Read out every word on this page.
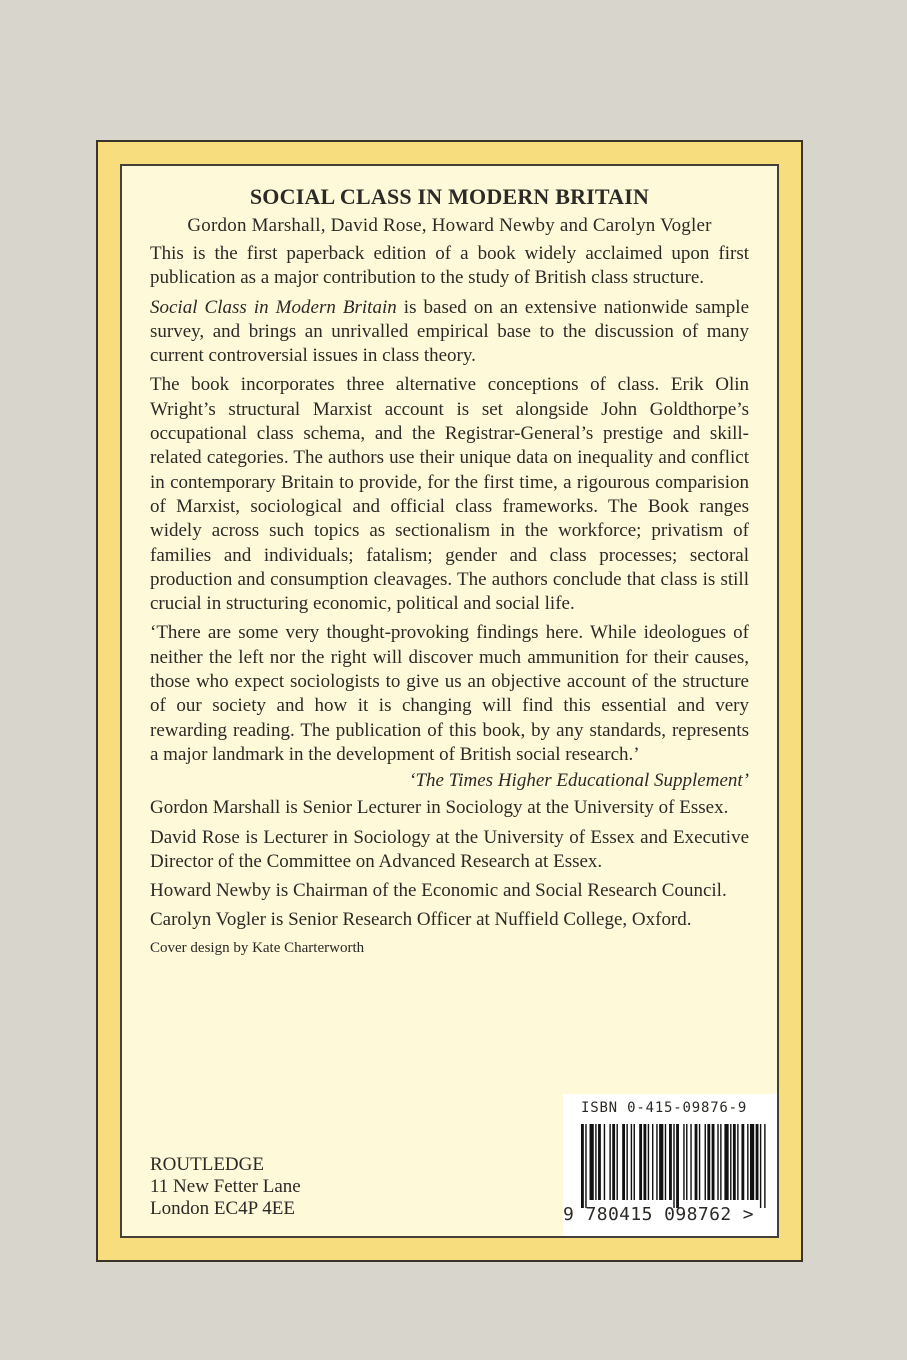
SOCIAL CLASS IN MODERN BRITAIN
Gordon Marshall, David Rose, Howard Newby and Carolyn Vogler

This is the first paperback edition of a book widely acclaimed upon first publication as a major contribution to the study of British class structure.

Social Class in Modern Britain is based on an extensive nationwide sample survey, and brings an unrivalled empirical base to the discussion of many current controversial issues in class theory.

The book incorporates three alternative conceptions of class. Erik Olin Wright’s structural Marxist account is set alongside John Goldthorpe’s occupational class schema, and the Registrar-General’s prestige and skill-related categories. The authors use their unique data on inequality and conflict in contemporary Britain to provide, for the first time, a rigourous comparision of Marxist, sociological and official class frameworks. The Book ranges widely across such topics as sectionalism in the workforce; privatism of families and individuals; fatalism; gender and class processes; sectoral production and consumption cleavages. The authors conclude that class is still crucial in structuring economic, political and social life.

‘There are some very thought-provoking findings here. While ideologues of neither the left nor the right will discover much ammunition for their causes, those who expect sociologists to give us an objective account of the structure of our society and how it is changing will find this essential and very rewarding reading. The publication of this book, by any standards, represents a major landmark in the development of British social research.’

‘The Times Higher Educational Supplement’

Gordon Marshall is Senior Lecturer in Sociology at the University of Essex.

David Rose is Lecturer in Sociology at the University of Essex and Executive Director of the Committee on Advanced Research at Essex.

Howard Newby is Chairman of the Economic and Social Research Council.

Carolyn Vogler is Senior Research Officer at Nuffield College, Oxford.

Cover design by Kate Charterworth
ROUTLEDGE
11 New Fetter Lane
London EC4P 4EE
ISBN 0-415-09876-9
9 780415 098762 >
